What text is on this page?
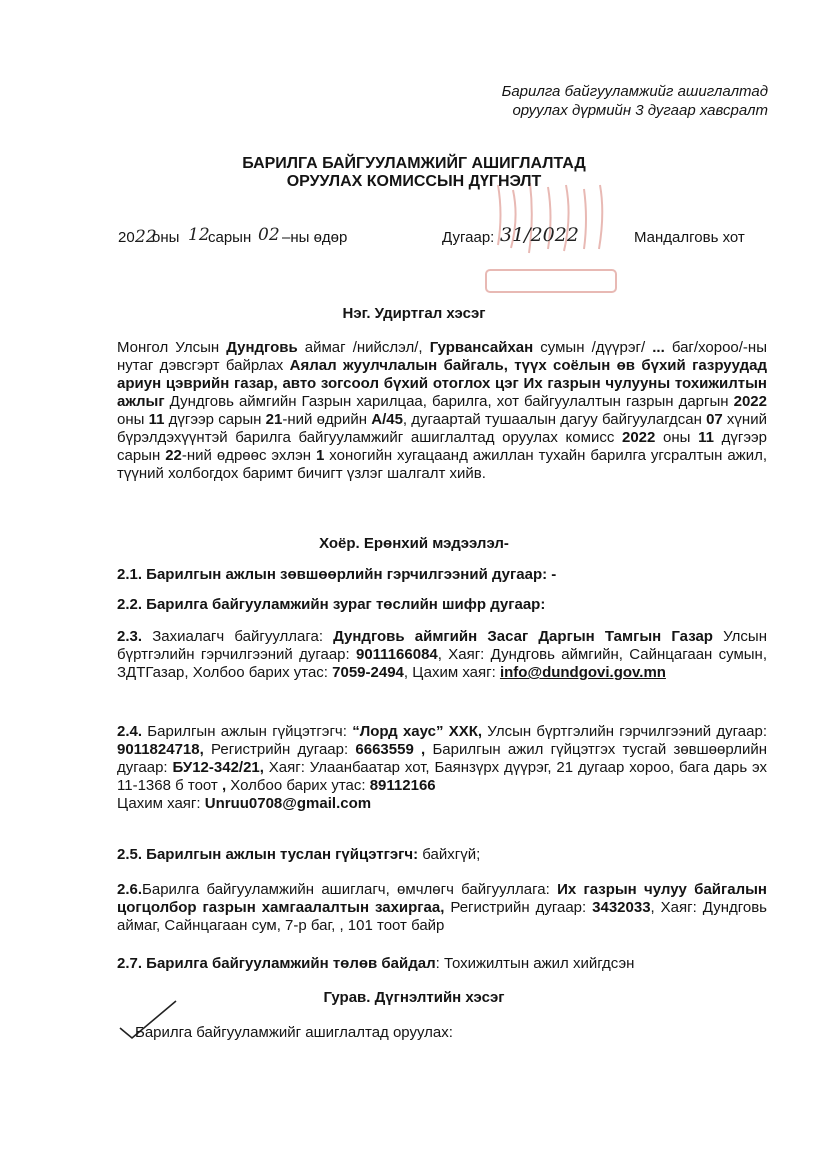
Барилга байгууламжийг ашиглалтад
оруулах дүрмийн 3 дугаар хавсралт
БАРИЛГА БАЙГУУЛАМЖИЙГ АШИГЛАЛТАД
ОРУУЛАХ КОМИССЫН ДҮГНЭЛТ
20 22
оны 12
сарын 02 –ны өдөр	Дугаар: 31/2022	Мандалговь хот
Нэг. Удиртгал хэсэг
Монгол Улсын Дундговь аймаг /нийслэл/, Гурвансайхан сумын /дүүрэг/ ... баг/хороо/-ны нутаг дэвсгэрт байрлах Аялал жуулчлалын байгаль, түүх соёлын өв бүхий газруудад ариун цэврийн газар, авто зогсоол бүхий отоглох цэг Их газрын чулууны тохижилтын ажлыг Дундговь аймгийн Газрын харилцаа, барилга, хот байгуулалтын газрын даргын 2022 оны 11 дүгээр сарын 21-ний өдрийн А/45, дугаартай тушаалын дагуу байгуулагдсан 07 хүний бүрэлдэхүүнтэй барилга байгууламжийг ашиглалтад оруулах комисс 2022 оны 11 дүгээр сарын 22-ний өдрөөс эхлэн 1 хоногийн хугацаанд ажиллан тухайн барилга угсралтын ажил, түүний холбогдох баримт бичигт үзлэг шалгалт хийв.
Хоёр. Ерөнхий мэдээлэл-
2.1. Барилгын ажлын зөвшөөрлийн гэрчилгээний дугаар: -
2.2. Барилга байгууламжийн зураг төслийн шифр дугаар:
2.3. Захиалагч байгууллага: Дундговь аймгийн Засаг Даргын Тамгын Газар Улсын бүртгэлийн гэрчилгээний дугаар: 9011166084, Хаяг: Дундговь аймгийн, Сайнцагаан сумын, ЗДТГазар, Холбоо барих утас: 7059-2494, Цахим хаяг: info@dundgovi.gov.mn
2.4. Барилгын ажлын гүйцэтгэгч: “Лорд хаус” ХХК, Улсын бүртгэлийн гэрчилгээний дугаар: 9011824718, Регистрийн дугаар: 6663559 , Барилгын ажил гүйцэтгэх тусгай зөвшөөрлийн дугаар: БУ12-342/21, Хаяг: Улаанбаатар хот, Баянзүрх дүүрэг, 21 дугаар хороо, бага дарь эх 11-1368 б тоот , Холбоо барих утас: 89112166
Цахим хаяг: Unruu0708@gmail.com
2.5. Барилгын ажлын туслан гүйцэтгэгч: байхгүй;
2.6.Барилга байгууламжийн ашиглагч, өмчлөгч байгууллага: Их газрын чулуу байгалын цогцолбор газрын хамгаалалтын захиргаа, Регистрийн дугаар: 3432033, Хаяг: Дундговь аймаг, Сайнцагаан сум, 7-р баг, , 101 тоот байр
2.7. Барилга байгууламжийн төлөв байдал: Тохижилтын ажил хийгдсэн
Гурав. Дүгнэлтийн хэсэг
Барилга байгууламжийг ашиглалтад оруулах:
